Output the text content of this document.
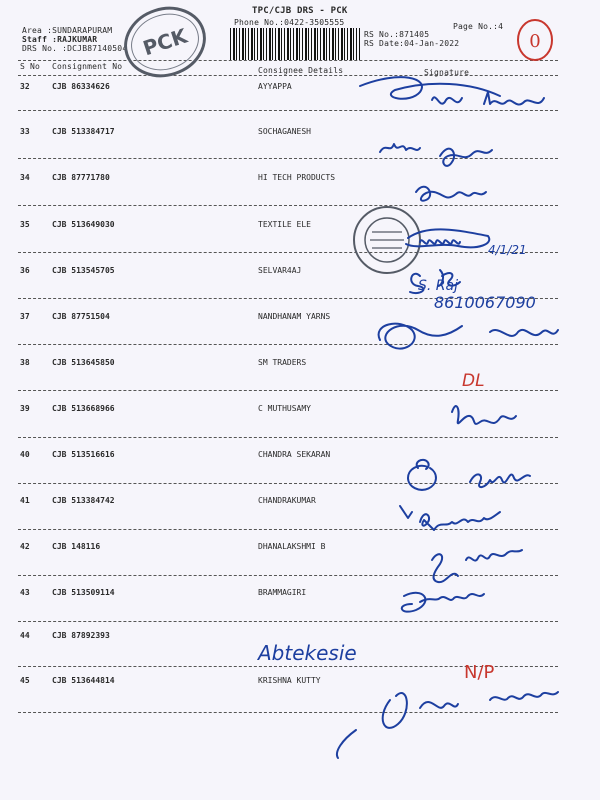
TPC/CJB DRS - PCK
Phone No.:0422-3505555
Area :SUNDARAPURAM
Staff :RAJKUMAR
DRS No. :DCJB87140504
RS No.:871405
RS Date:04-Jan-2022
Page No.:4
S No Consignment No	Consignee Details	Signature
32	CJB 86334626	AYYAPPA
33	CJB 513384717	SOCHAGANESH
34	CJB 87771780	HI TECH PRODUCTS
35	CJB 513649030	TEXTILE ELE
36	CJB 513545705	SELVAR4AJ
37	CJB 87751504	NANDHANAM YARNS
38	CJB 513645850	SM TRADERS
39	CJB 513668966	C MUTHUSAMY
40	CJB 513516616	CHANDRA SEKARAN
41	CJB 513384742	CHANDRAKUMAR
42	CJB 148116	DHANALAKSHMI B
43	CJB 513509114	BRAMMAGIRI
44	CJB 87892393
45	CJB 513644814	KRISHNA KUTTY
PCK	0
8610067090
4/1/21
S. Raj
Abtekesie
N/P
DL
